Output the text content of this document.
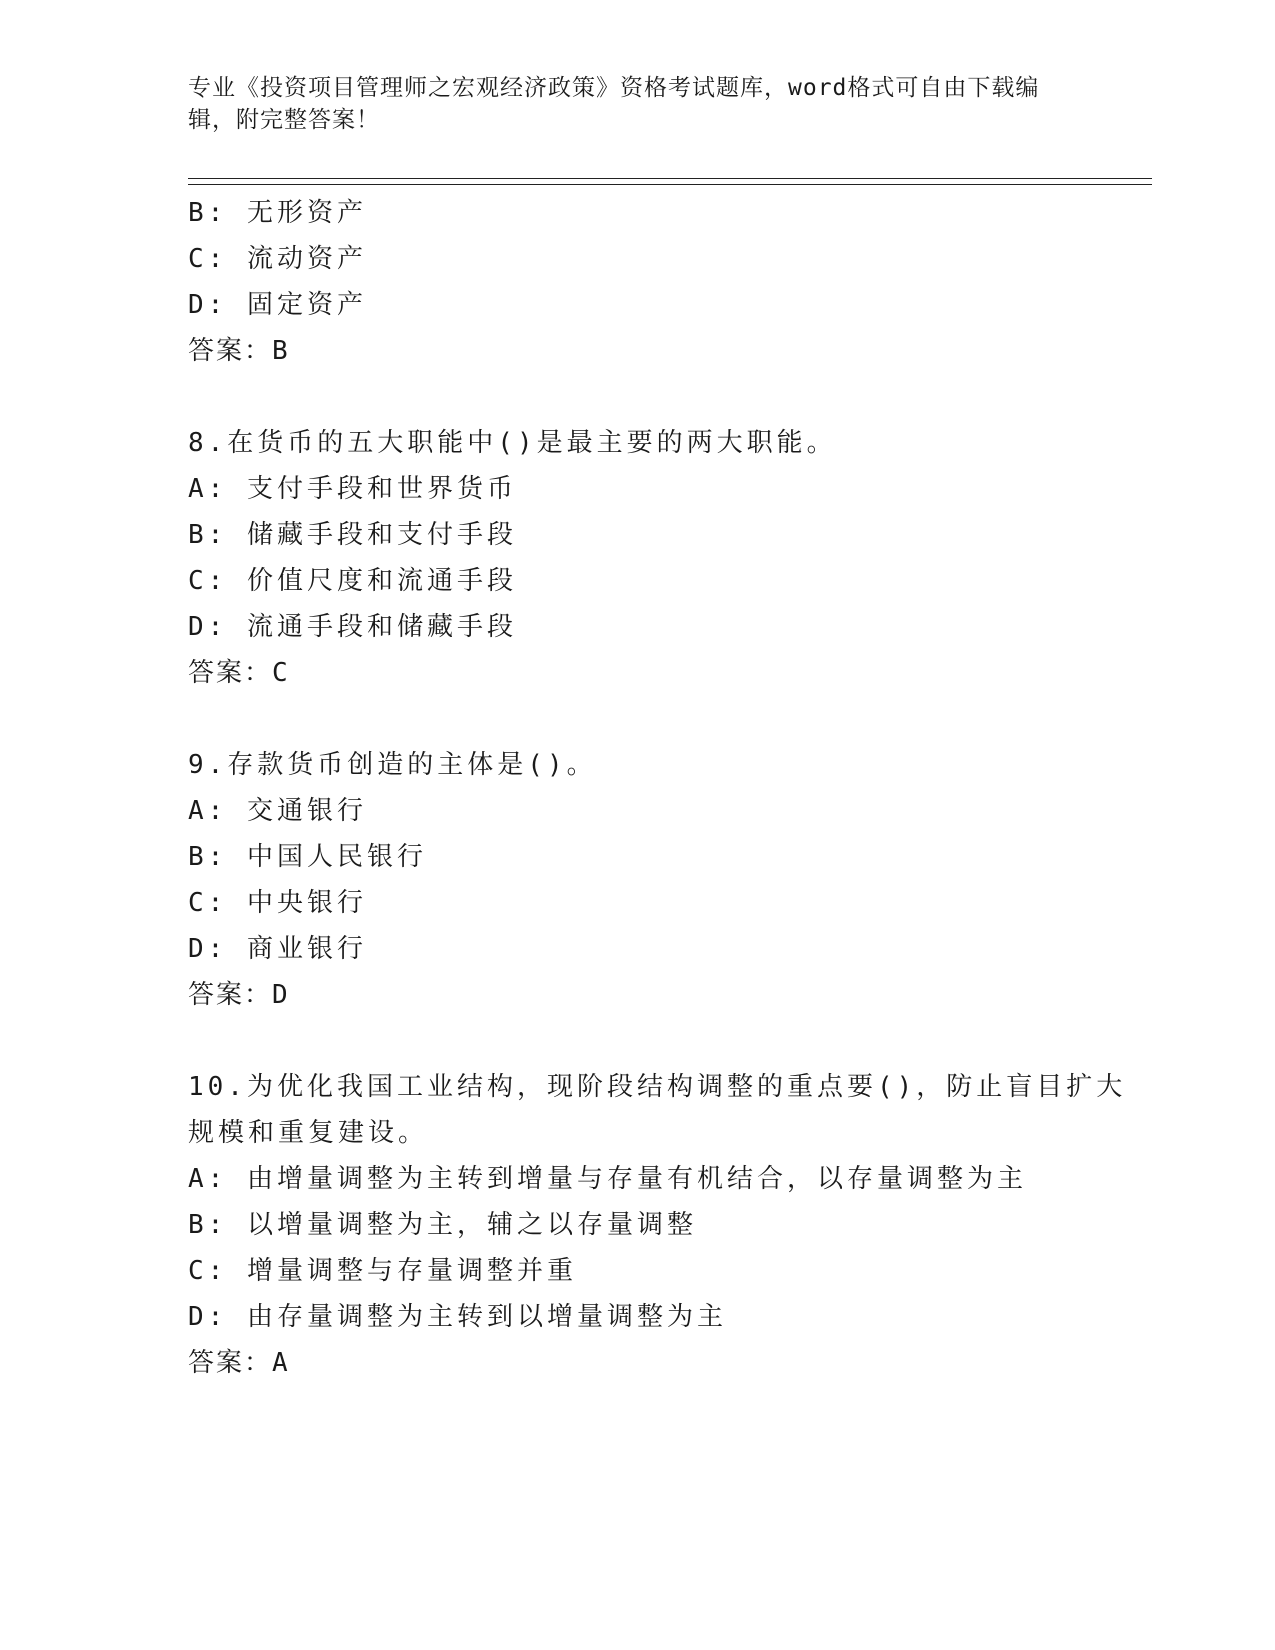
专业《投资项目管理师之宏观经济政策》资格考试题库，word格式可自由下载编辑，附完整答案！
B: 无形资产
C: 流动资产
D: 固定资产
答案：B
8.在货币的五大职能中()是最主要的两大职能。
A: 支付手段和世界货币
B: 储藏手段和支付手段
C: 价值尺度和流通手段
D: 流通手段和储藏手段
答案：C
9.存款货币创造的主体是()。
A: 交通银行
B: 中国人民银行
C: 中央银行
D: 商业银行
答案：D
10.为优化我国工业结构，现阶段结构调整的重点要()，防止盲目扩大
规模和重复建设。
A: 由增量调整为主转到增量与存量有机结合，以存量调整为主
B: 以增量调整为主，辅之以存量调整
C: 增量调整与存量调整并重
D: 由存量调整为主转到以增量调整为主
答案：A
